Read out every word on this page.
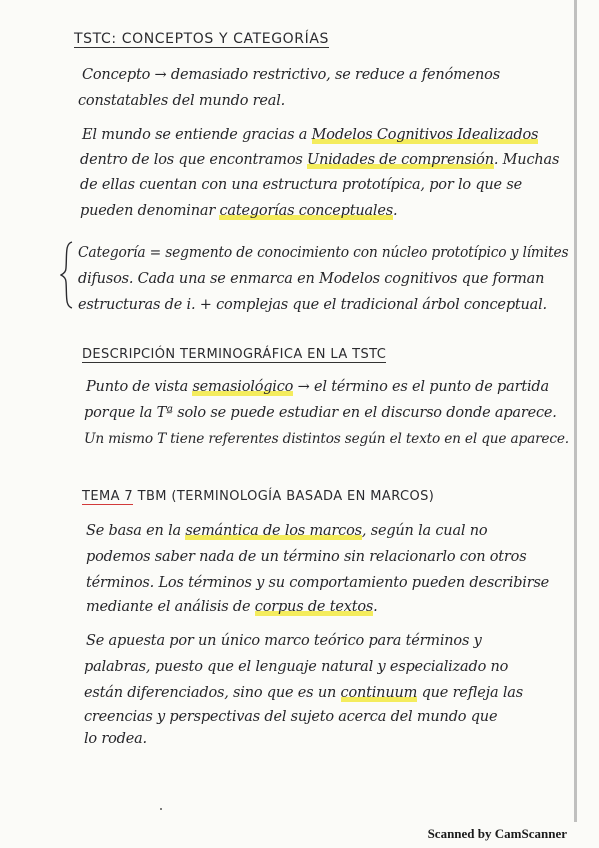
TSTC: CONCEPTOS Y CATEGORÍAS
Concepto → demasiado restrictivo, se reduce a fenómenos
constatables del mundo real.
El mundo se entiende gracias a Modelos Cognitivos Idealizados
dentro de los que encontramos Unidades de comprensión. Muchas
de ellas cuentan con una estructura prototípica, por lo que se
pueden denominar categorías conceptuales.
Categoría = segmento de conocimiento con núcleo prototípico y límites
difusos. Cada una se enmarca en Modelos cognitivos que forman
estructuras de i. + complejas que el tradicional árbol conceptual.
DESCRIPCIÓN TERMINOGRÁFICA EN LA TSTC
Punto de vista semasiológico → el término es el punto de partida
porque la Tª solo se puede estudiar en el discurso donde aparece.
Un mismo T tiene referentes distintos según el texto en el que aparece.
TEMA 7 TBM (TERMINOLOGÍA BASADA EN MARCOS)
Se basa en la semántica de los marcos, según la cual no
podemos saber nada de un término sin relacionarlo con otros
términos. Los términos y su comportamiento pueden describirse
mediante el análisis de corpus de textos.
Se apuesta por un único marco teórico para términos y
palabras, puesto que el lenguaje natural y especializado no
están diferenciados, sino que es un continuum que refleja las
creencias y perspectivas del sujeto acerca del mundo que
lo rodea.
Scanned by CamScanner
